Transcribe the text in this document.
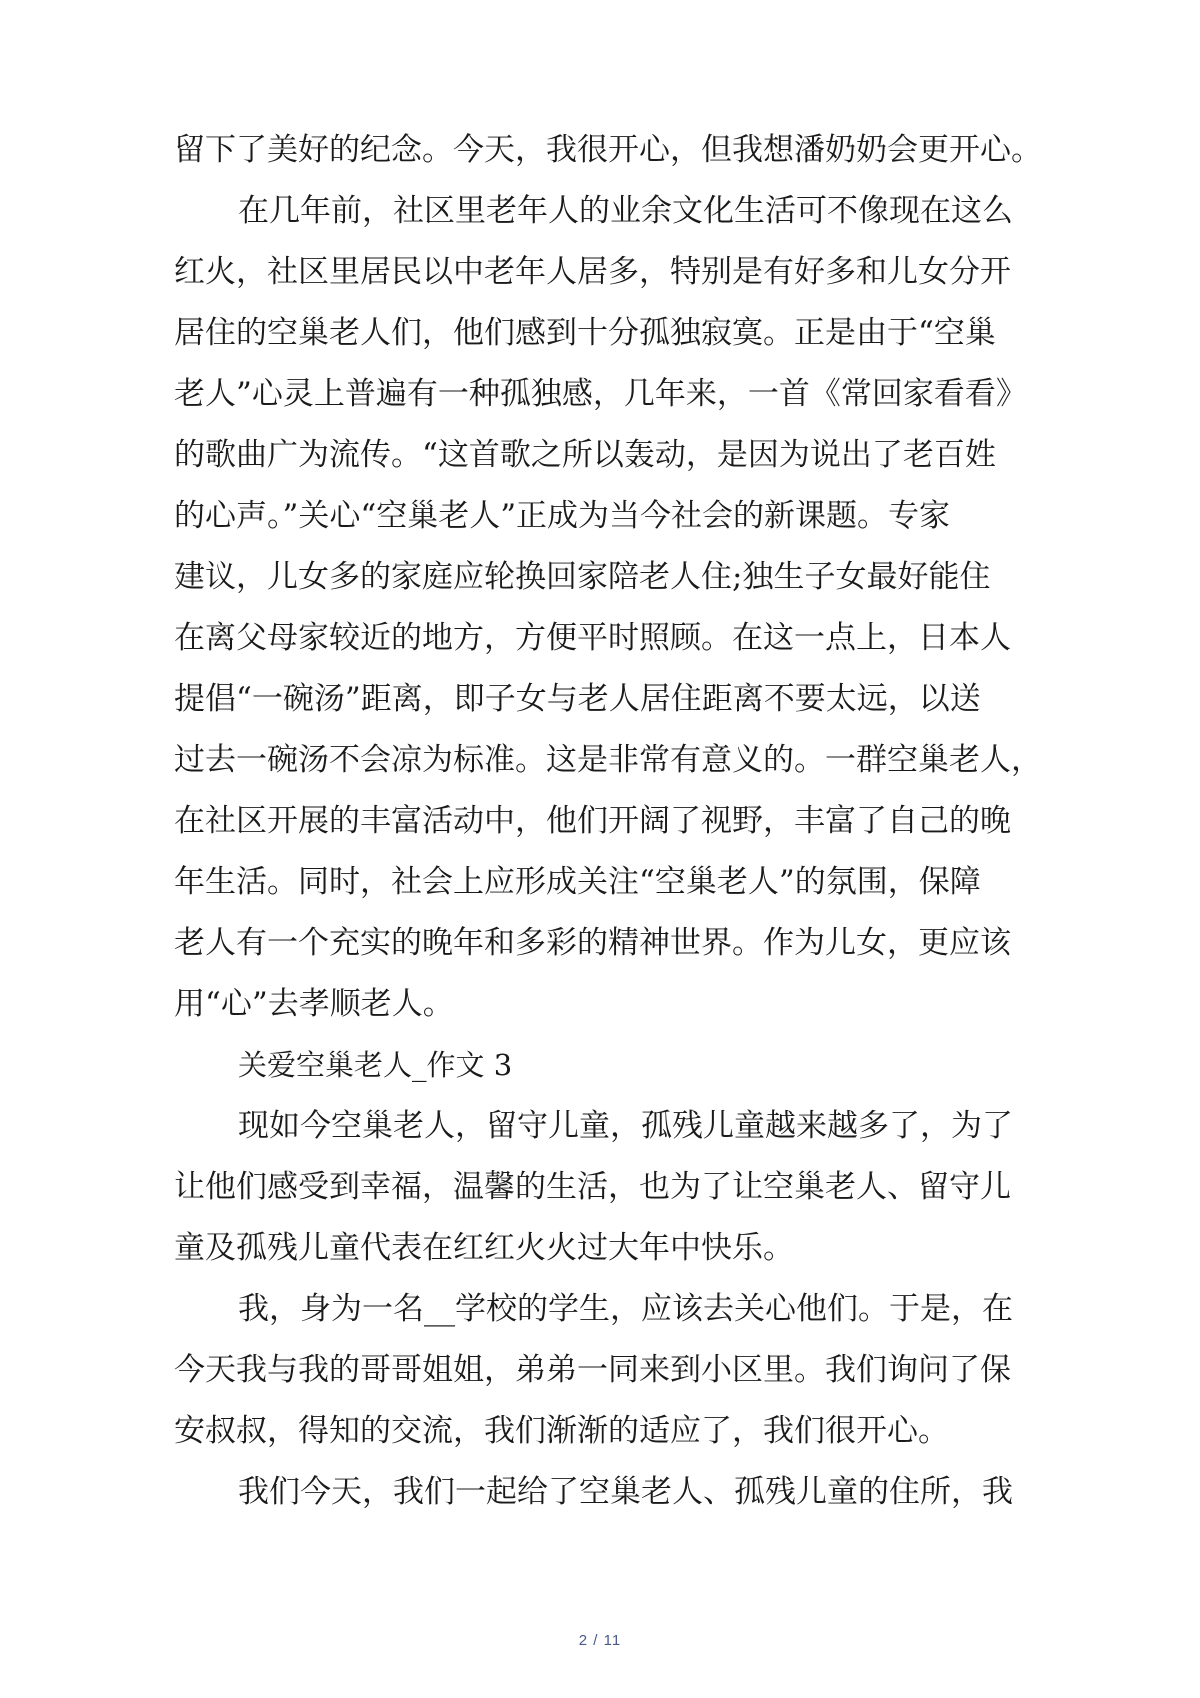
留下了美好的纪念。今天，我很开心，但我想潘奶奶会更开心。
在几年前，社区里老年人的业余文化生活可不像现在这么
红火，社区里居民以中老年人居多，特别是有好多和儿女分开
居住的空巢老人们，他们感到十分孤独寂寞。正是由于“空巢
老人”心灵上普遍有一种孤独感，几年来，一首《常回家看看》
的歌曲广为流传。“这首歌之所以轰动，是因为说出了老百姓
的心声。”关心“空巢老人”正成为当今社会的新课题。专家
建议，儿女多的家庭应轮换回家陪老人住;独生子女最好能住
在离父母家较近的地方，方便平时照顾。在这一点上，日本人
提倡“一碗汤”距离，即子女与老人居住距离不要太远，以送
过去一碗汤不会凉为标准。这是非常有意义的。一群空巢老人，
在社区开展的丰富活动中，他们开阔了视野，丰富了自己的晚
年生活。同时，社会上应形成关注“空巢老人”的氛围，保障
老人有一个充实的晚年和多彩的精神世界。作为儿女，更应该
用“心”去孝顺老人。
关爱空巢老人_作文 3
现如今空巢老人，留守儿童，孤残儿童越来越多了，为了
让他们感受到幸福，温馨的生活，也为了让空巢老人、留守儿
童及孤残儿童代表在红红火火过大年中快乐。
我，身为一名__学校的学生，应该去关心他们。于是，在
今天我与我的哥哥姐姐，弟弟一同来到小区里。我们询问了保
安叔叔，得知的交流，我们渐渐的适应了，我们很开心。
我们今天，我们一起给了空巢老人、孤残儿童的住所，我
2 / 11
